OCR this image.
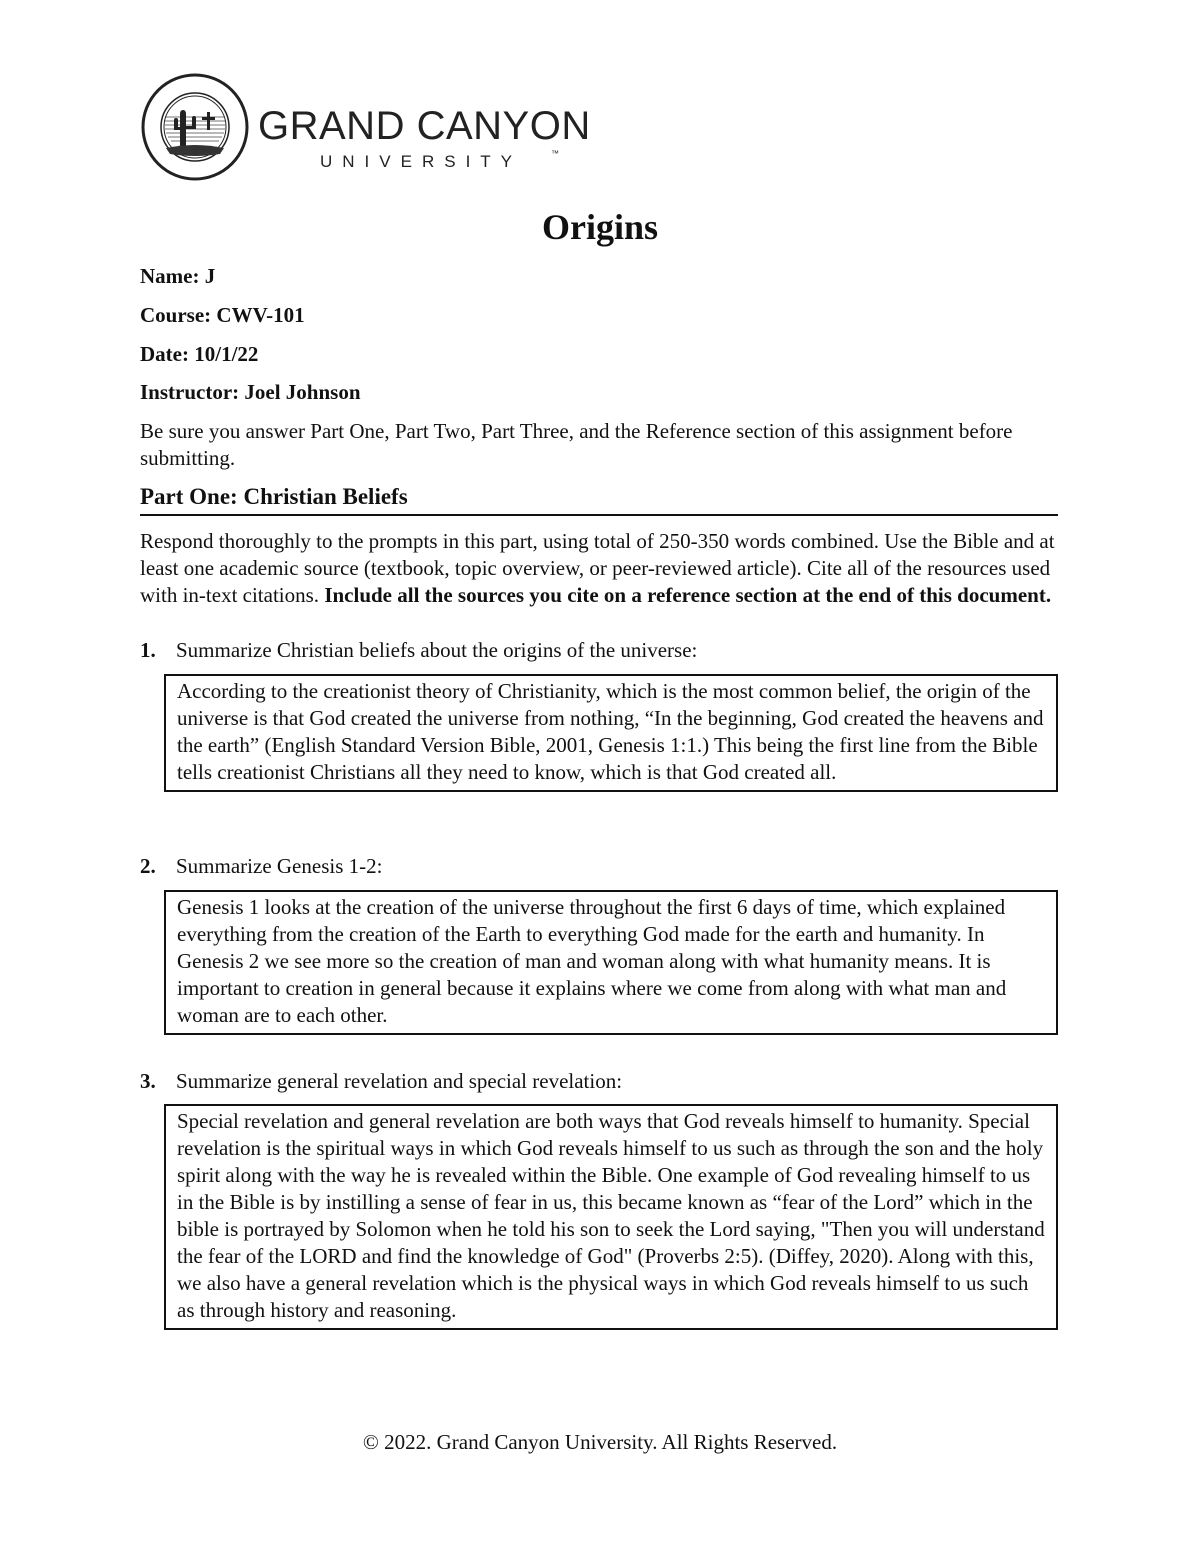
GRAND CANYON
UNIVERSITY	™
Origins
Name: J
Course: CWV-101
Date: 10/1/22
Instructor: Joel Johnson
Be sure you answer Part One, Part Two, Part Three, and the Reference section of this assignment before submitting.
Part One: Christian Beliefs
Respond thoroughly to the prompts in this part, using total of 250-350 words combined. Use the Bible and at least one academic source (textbook, topic overview, or peer-reviewed article). Cite all of the resources used with in-text citations. Include all the sources you cite on a reference section at the end of this document.
1. Summarize Christian beliefs about the origins of the universe:
According to the creationist theory of Christianity, which is the most common belief, the origin of the universe is that God created the universe from nothing, “In the beginning, God created the heavens and the earth” (English Standard Version Bible, 2001, Genesis 1:1.) This being the first line from the Bible tells creationist Christians all they need to know, which is that God created all.
2. Summarize Genesis 1-2:
Genesis 1 looks at the creation of the universe throughout the first 6 days of time, which explained everything from the creation of the Earth to everything God made for the earth and humanity. In Genesis 2 we see more so the creation of man and woman along with what humanity means. It is important to creation in general because it explains where we come from along with what man and woman are to each other.
3. Summarize general revelation and special revelation:
Special revelation and general revelation are both ways that God reveals himself to humanity. Special revelation is the spiritual ways in which God reveals himself to us such as through the son and the holy spirit along with the way he is revealed within the Bible. One example of God revealing himself to us in the Bible is by instilling a sense of fear in us, this became known as “fear of the Lord” which in the bible is portrayed by Solomon when he told his son to seek the Lord saying, "Then you will understand the fear of the LORD and find the knowledge of God" (Proverbs 2:5). (Diffey, 2020). Along with this, we also have a general revelation which is the physical ways in which God reveals himself to us such as through history and reasoning.
© 2022. Grand Canyon University. All Rights Reserved.
